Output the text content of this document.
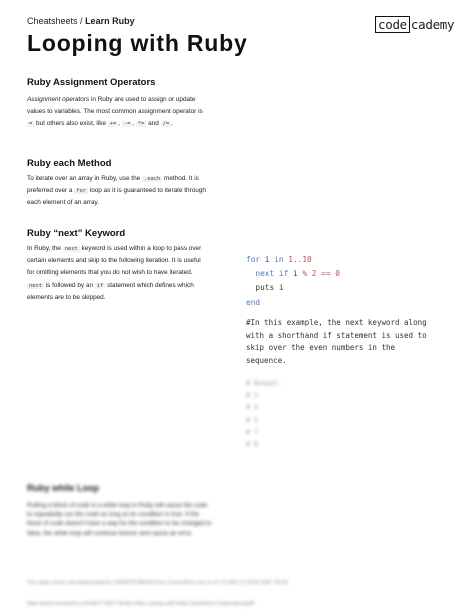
Cheatsheets / Learn Ruby	code cademy
Looping with Ruby
Ruby Assignment Operators

Assignment operators in Ruby are used to assign or update values to variables. The most common assignment operator is = but others also exist, like += , -= , *= and /= .

Ruby each Method

To iterate over an array in Ruby, use the .each method. It is preferred over a for loop as it is guaranteed to iterate through each element of an array.

Ruby “next” Keyword

In Ruby, the next keyword is used within a loop to pass over certain elements and skip to the following iteration. It is useful for omitting elements that you do not wish to have iterated. next is followed by an if statement which defines which elements are to be skipped.

for i in 1..10
next if i % 2 == 0
puts i
end

#In this example, the next keyword along with a shorthand if statement is used to skip over the even numbers in the sequence.

# Output:
# 1
# 3
# 5
# 7
# 9

Ruby while Loop

Putting a block of code in a while loop in Ruby will cause the code to repeatedly run the code as long as its condition is true. If the block of code doesn't have a way for the condition to be changed to false, the while loop will continue forever and cause an error.

This study source was downloaded by 100000787960164 from CourseHero.com on 07-11-2021 21:25:06 GMT -05:00
https://www.coursehero.com/file/77166774/ruby-Help-Looping-with-Ruby-Cheatsheet-Codecademypdf/
